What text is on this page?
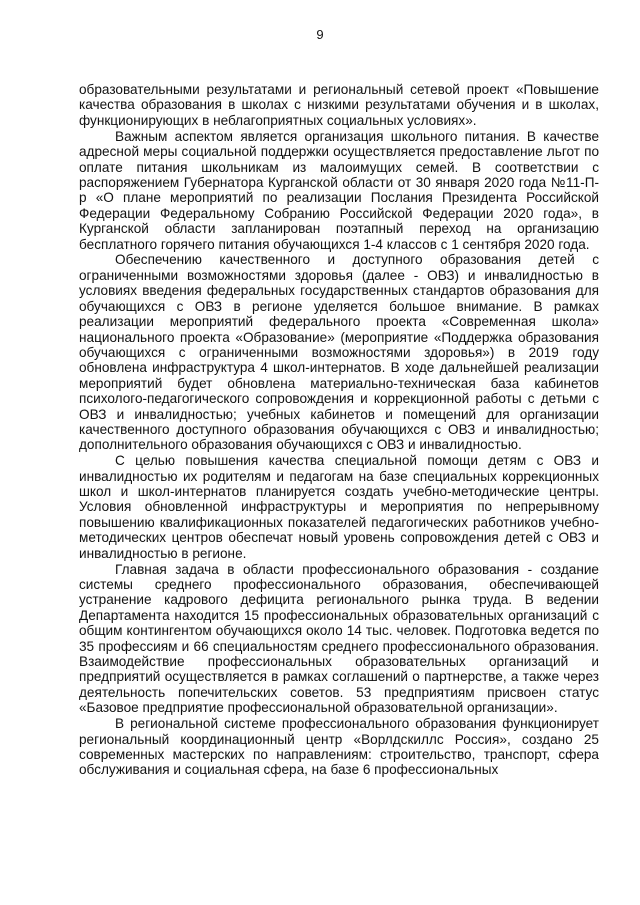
9

образовательными результатами и региональный сетевой проект «Повышение качества образования в школах с низкими результатами обучения и в школах, функционирующих в неблагоприятных социальных условиях».

Важным аспектом является организация школьного питания. В качестве адресной меры социальной поддержки осуществляется предоставление льгот по оплате питания школьникам из малоимущих семей. В соответствии с распоряжением Губернатора Курганской области от 30 января 2020 года №11-П-р «О плане мероприятий по реализации Послания Президента Российской Федерации Федеральному Собранию Российской Федерации 2020 года», в Курганской области запланирован поэтапный переход на организацию бесплатного горячего питания обучающихся 1-4 классов с 1 сентября 2020 года.

Обеспечению качественного и доступного образования детей с ограниченными возможностями здоровья (далее - ОВЗ) и инвалидностью в условиях введения федеральных государственных стандартов образования для обучающихся с ОВЗ в регионе уделяется большое внимание. В рамках реализации мероприятий федерального проекта «Современная школа» национального проекта «Образование» (мероприятие «Поддержка образования обучающихся с ограниченными возможностями здоровья») в 2019 году обновлена инфраструктура 4 школ-интернатов. В ходе дальнейшей реализации мероприятий будет обновлена материально-техническая база кабинетов психолого-педагогического сопровождения и коррекционной работы с детьми с ОВЗ и инвалидностью; учебных кабинетов и помещений для организации качественного доступного образования обучающихся с ОВЗ и инвалидностью; дополнительного образования обучающихся с ОВЗ и инвалидностью.

С целью повышения качества специальной помощи детям с ОВЗ и инвалидностью их родителям и педагогам на базе специальных коррекционных школ и школ-интернатов планируется создать учебно-методические центры. Условия обновленной инфраструктуры и мероприятия по непрерывному повышению квалификационных показателей педагогических работников учебно-методических центров обеспечат новый уровень сопровождения детей с ОВЗ и инвалидностью в регионе.

Главная задача в области профессионального образования - создание системы среднего профессионального образования, обеспечивающей устранение кадрового дефицита регионального рынка труда. В ведении Департамента находится 15 профессиональных образовательных организаций с общим контингентом обучающихся около 14 тыс. человек. Подготовка ведется по 35 профессиям и 66 специальностям среднего профессионального образования. Взаимодействие профессиональных образовательных организаций и предприятий осуществляется в рамках соглашений о партнерстве, а также через деятельность попечительских советов. 53 предприятиям присвоен статус «Базовое предприятие профессиональной образовательной организации».

В региональной системе профессионального образования функционирует региональный координационный центр «Ворлдскиллс Россия», создано 25 современных мастерских по направлениям: строительство, транспорт, сфера обслуживания и социальная сфера, на базе 6 профессиональных
